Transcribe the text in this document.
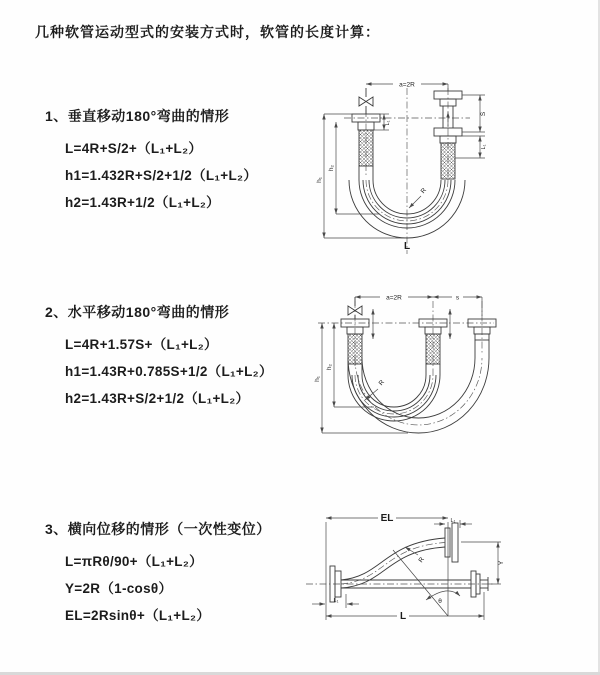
几种软管运动型式的安装方式时，软管的长度计算：
1、垂直移动180°弯曲的情形
L=4R+S/2+（L₁+L₂）
h1=1.432R+S/2+1/2（L₁+L₂）
h2=1.43R+1/2（L₁+L₂）
2、水平移动180°弯曲的情形
L=4R+1.57S+（L₁+L₂）
h1=1.43R+0.785S+1/2（L₁+L₂）
h2=1.43R+S/2+1/2（L₁+L₂）
3、横向位移的情形（一次性变位）
L=πRθ/90+（L₁+L₂）
Y=2R（1-cosθ）
EL=2Rsinθ+（L₁+L₂）
a=2R
h₁
h₂
L₁
S
L₁
R
L
a=2R	s
h₁
h₂
R
EL	L₁
Y
L
L₁
R
θ
